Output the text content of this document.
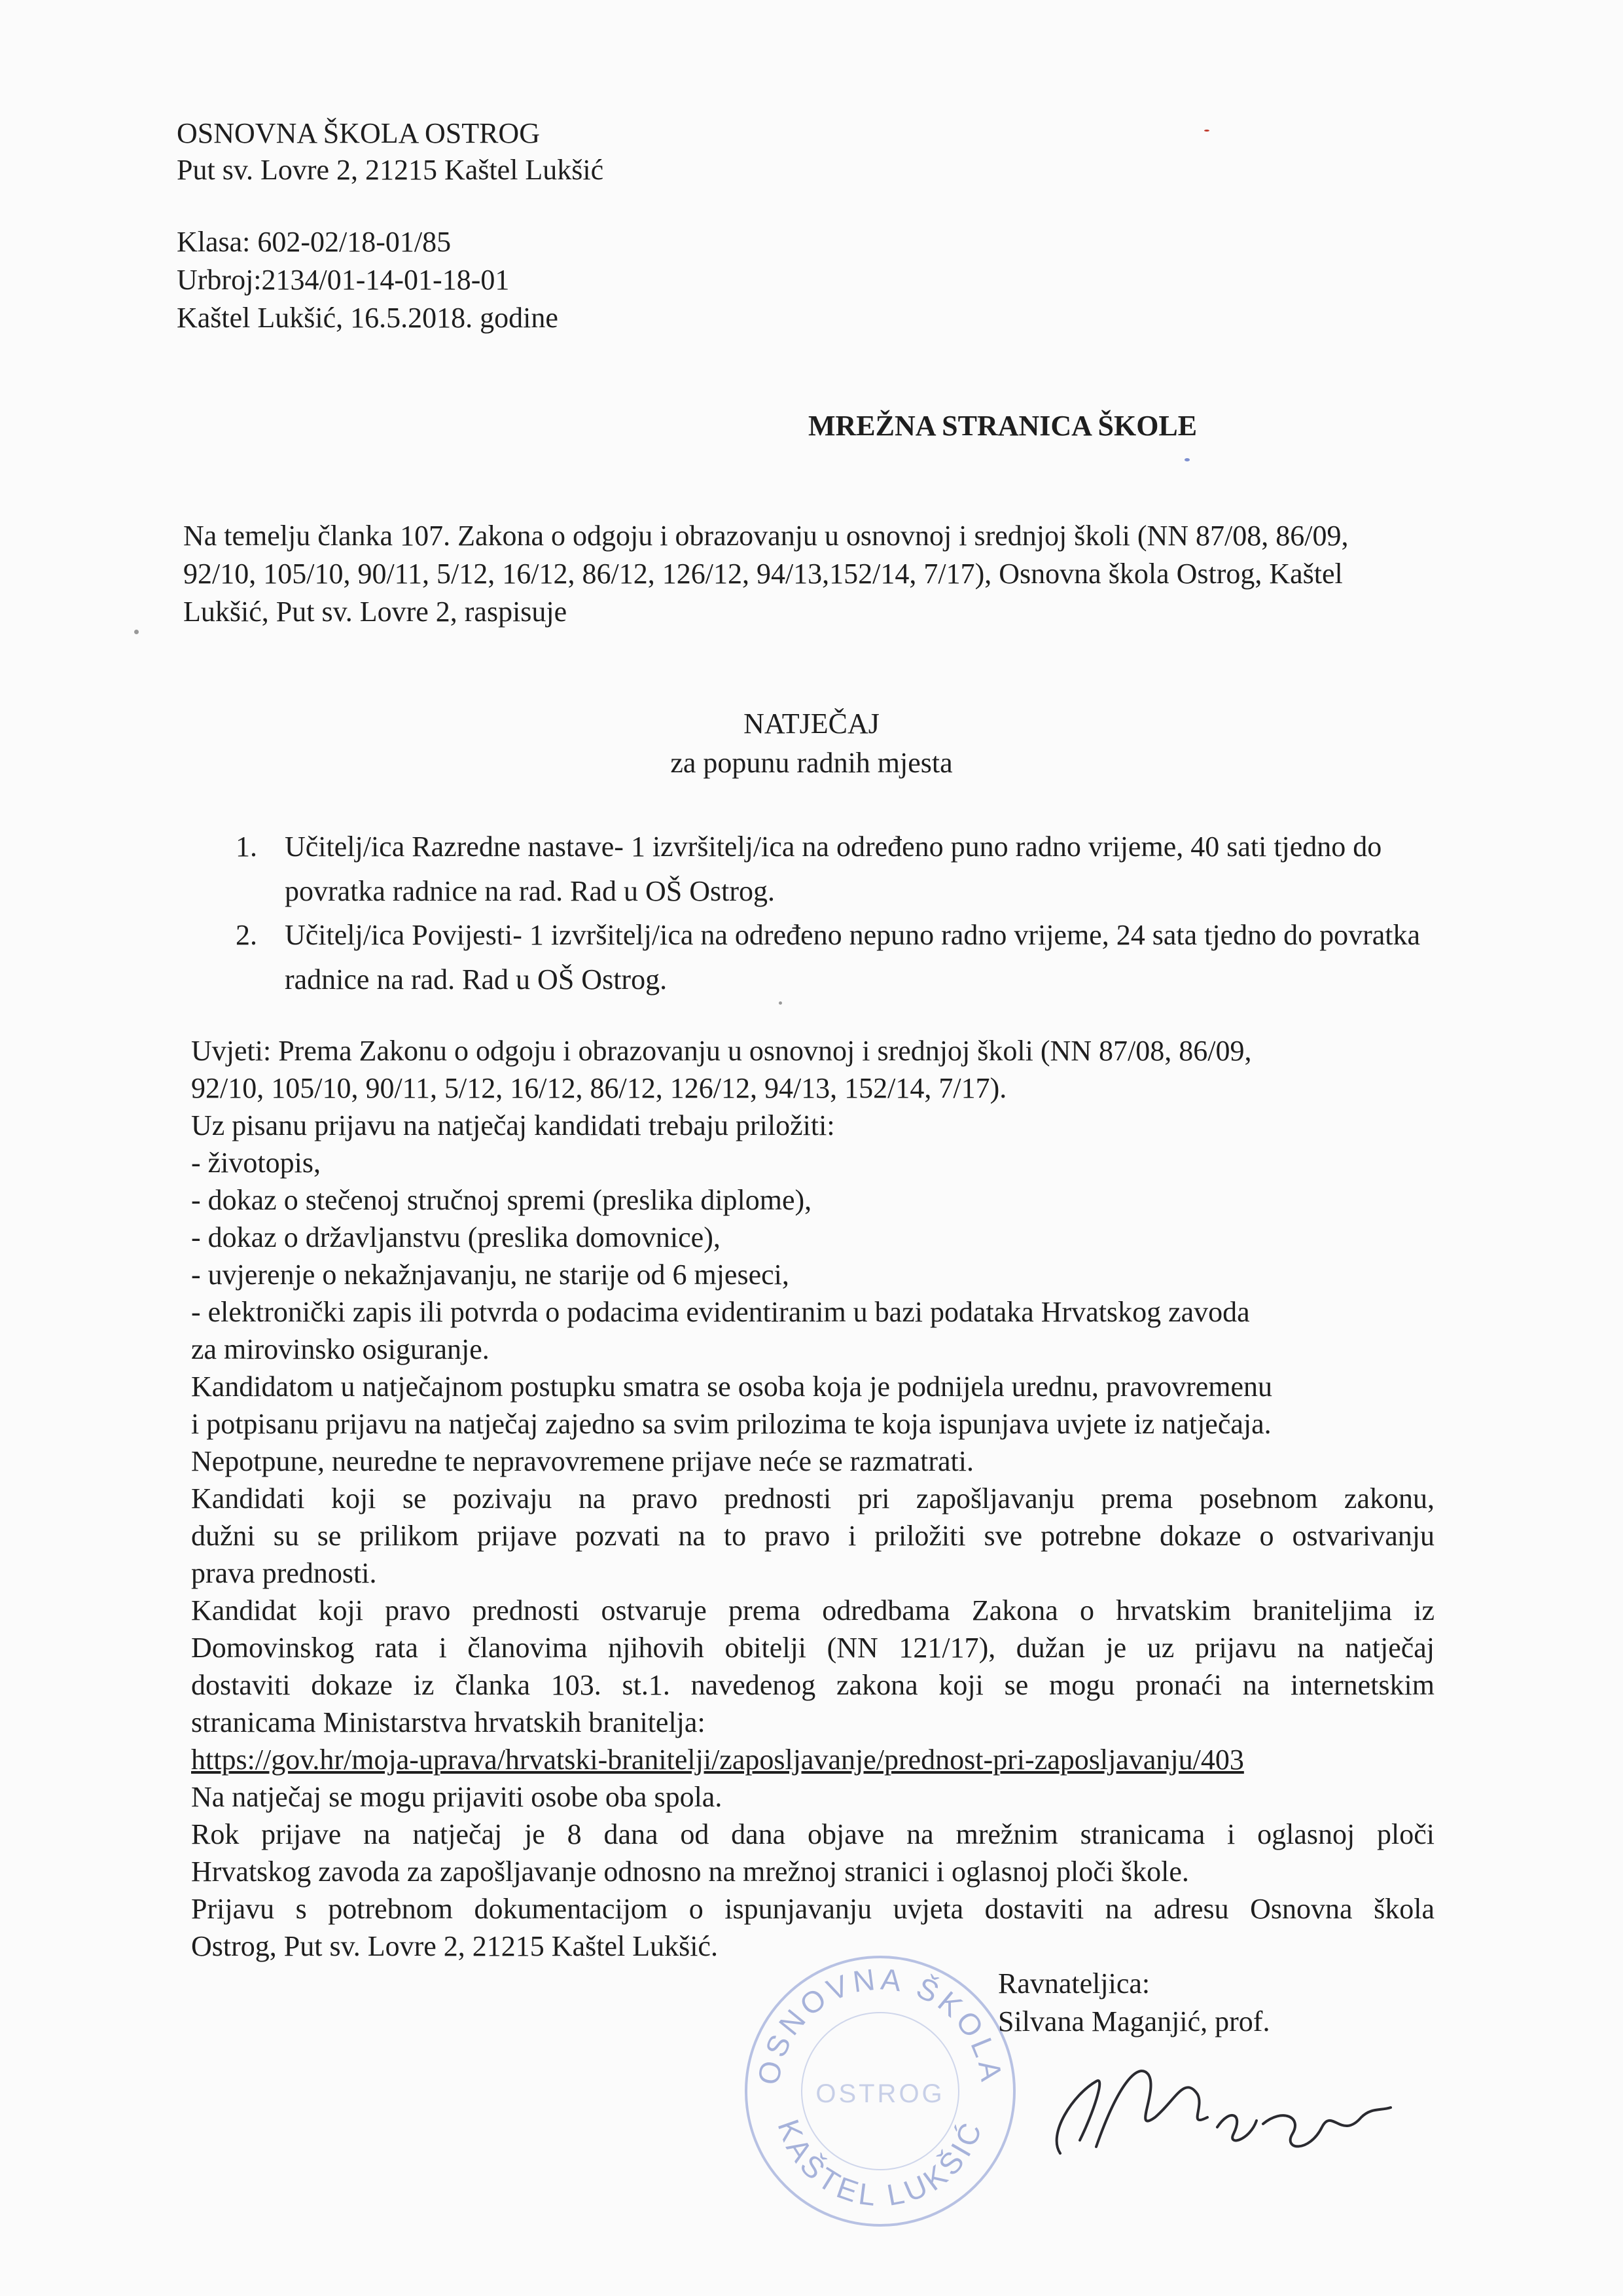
OSNOVNA ŠKOLA OSTROG
Put sv. Lovre 2, 21215 Kaštel Lukšić
Klasa: 602-02/18-01/85
Urbroj:2134/01-14-01-18-01
Kaštel Lukšić, 16.5.2018. godine
MREŽNA STRANICA ŠKOLE
Na temelju članka 107. Zakona o odgoju i obrazovanju u osnovnoj i srednjoj školi (NN 87/08, 86/09, 92/10, 105/10, 90/11, 5/12, 16/12, 86/12, 126/12, 94/13,152/14, 7/17), Osnovna škola Ostrog, Kaštel Lukšić, Put sv. Lovre 2, raspisuje
NATJEČAJ
za popunu radnih mjesta
1. Učitelj/ica Razredne nastave- 1 izvršitelj/ica na određeno puno radno vrijeme, 40 sati tjedno do povratka radnice na rad. Rad u OŠ Ostrog.
2. Učitelj/ica Povijesti- 1 izvršitelj/ica na određeno nepuno radno vrijeme, 24 sata tjedno do povratka radnice na rad. Rad u OŠ Ostrog.
Uvjeti: Prema Zakonu o odgoju i obrazovanju u osnovnoj i srednjoj školi (NN 87/08, 86/09,
92/10, 105/10, 90/11, 5/12, 16/12, 86/12, 126/12, 94/13, 152/14, 7/17).
Uz pisanu prijavu na natječaj kandidati trebaju priložiti:
- životopis,
- dokaz o stečenoj stručnoj spremi (preslika diplome),
- dokaz o državljanstvu (preslika domovnice),
- uvjerenje o nekažnjavanju, ne starije od 6 mjeseci,
- elektronički zapis ili potvrda o podacima evidentiranim u bazi podataka Hrvatskog zavoda
za mirovinsko osiguranje.
Kandidatom u natječajnom postupku smatra se osoba koja je podnijela urednu, pravovremenu
i potpisanu prijavu na natječaj zajedno sa svim prilozima te koja ispunjava uvjete iz natječaja.
Nepotpune, neuredne te nepravovremene prijave neće se razmatrati.
Kandidati koji se pozivaju na pravo prednosti pri zapošljavanju prema posebnom zakonu,
dužni su se prilikom prijave pozvati na to pravo i priložiti sve potrebne dokaze o ostvarivanju
prava prednosti.
Kandidat koji pravo prednosti ostvaruje prema odredbama Zakona o hrvatskim braniteljima iz
Domovinskog rata i članovima njihovih obitelji (NN 121/17), dužan je uz prijavu na natječaj
dostaviti dokaze iz članka 103. st.1. navedenog zakona koji se mogu pronaći na internetskim
stranicama Ministarstva hrvatskih branitelja:
https://gov.hr/moja-uprava/hrvatski-branitelji/zaposljavanje/prednost-pri-zaposljavanju/403
Na natječaj se mogu prijaviti osobe oba spola.
Rok prijave na natječaj je 8 dana od dana objave na mrežnim stranicama i oglasnoj ploči
Hrvatskog zavoda za zapošljavanje odnosno na mrežnoj stranici i oglasnoj ploči škole.
Prijavu s potrebnom dokumentacijom o ispunjavanju uvjeta dostaviti na adresu Osnovna škola
Ostrog, Put sv. Lovre 2, 21215 Kaštel Lukšić.
OSNOVNA ŠKOLA
OSTROG
KAŠTEL LUKŠIĆ
Ravnateljica:
Silvana Maganjić, prof.
